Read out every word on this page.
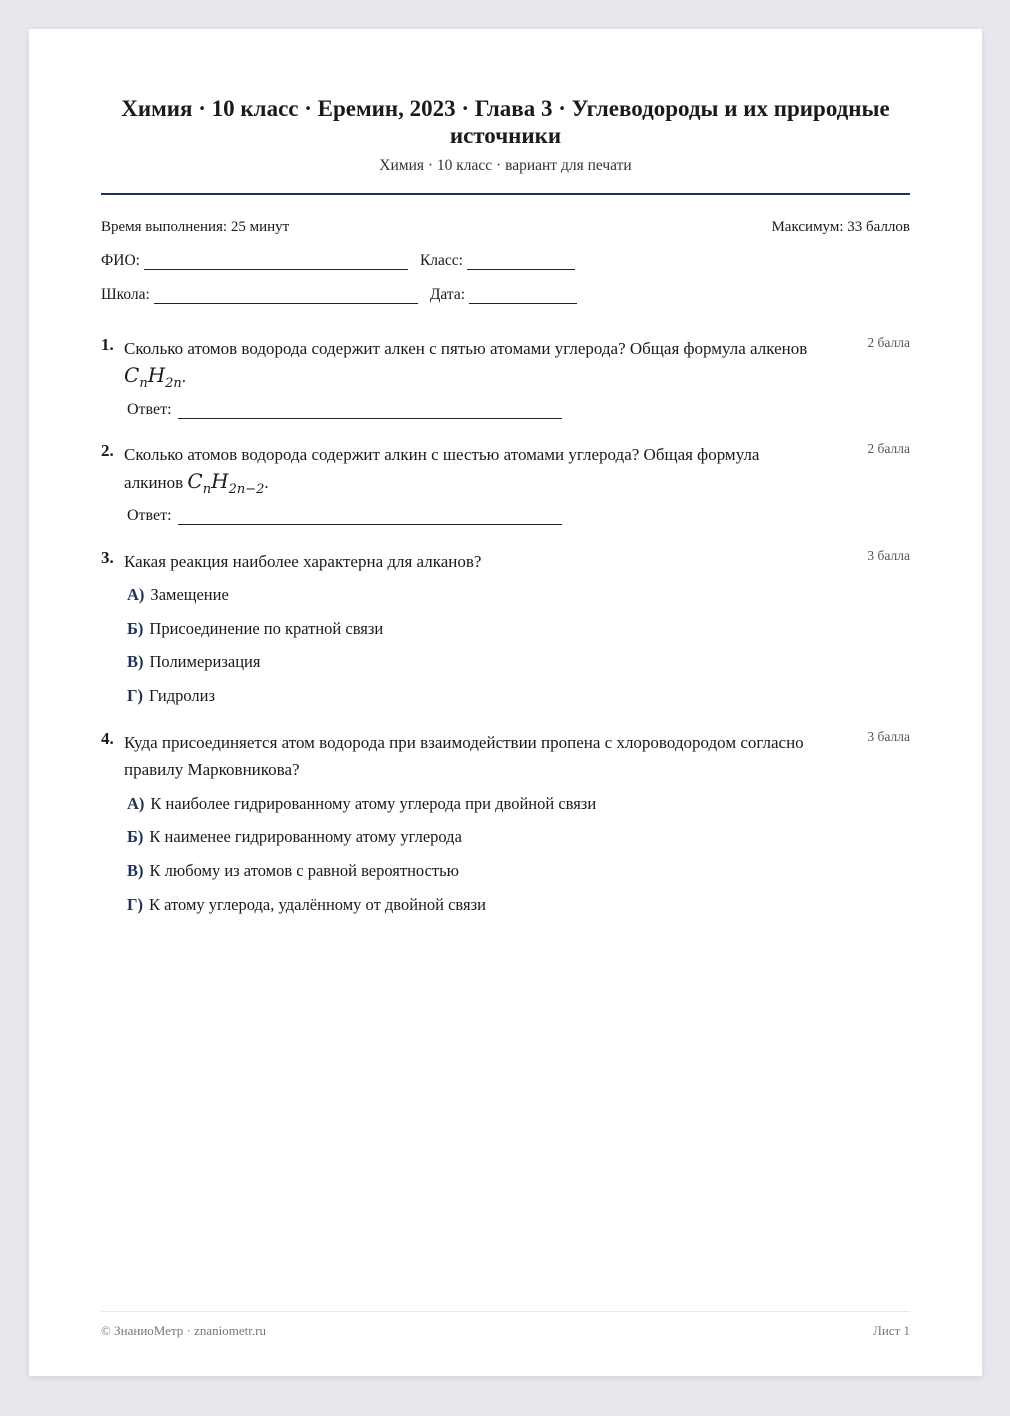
Химия · 10 класс · Еремин, 2023 · Глава 3 · Углеводороды и их природные источники
Химия · 10 класс · вариант для печати
Время выполнения: 25 минут	Максимум: 33 баллов
ФИО:	Класс:
Школа:	Дата:
1. Сколько атомов водорода содержит алкен с пятью атомами углерода? Общая формула алкенов
$C_nH_{2n}$.
2 балла
Ответ:
2. Сколько атомов водорода содержит алкин с шестью атомами углерода? Общая формула
алкинов $C_nH_{2n-2}$.
2 балла
Ответ:
3. Какая реакция наиболее характерна для алканов?	3 балла
А) Замещение
Б) Присоединение по кратной связи
В) Полимеризация
Г) Гидролиз
4. Куда присоединяется атом водорода при взаимодействии пропена с хлороводородом согласно правилу Марковникова?
3 балла
А) К наиболее гидрированному атому углерода при двойной связи
Б) К наименее гидрированному атому углерода
В) К любому из атомов с равной вероятностью
Г) К атому углерода, удалённому от двойной связи
© ЗнаниоМетр · znaniometr.ru	Лист 1
